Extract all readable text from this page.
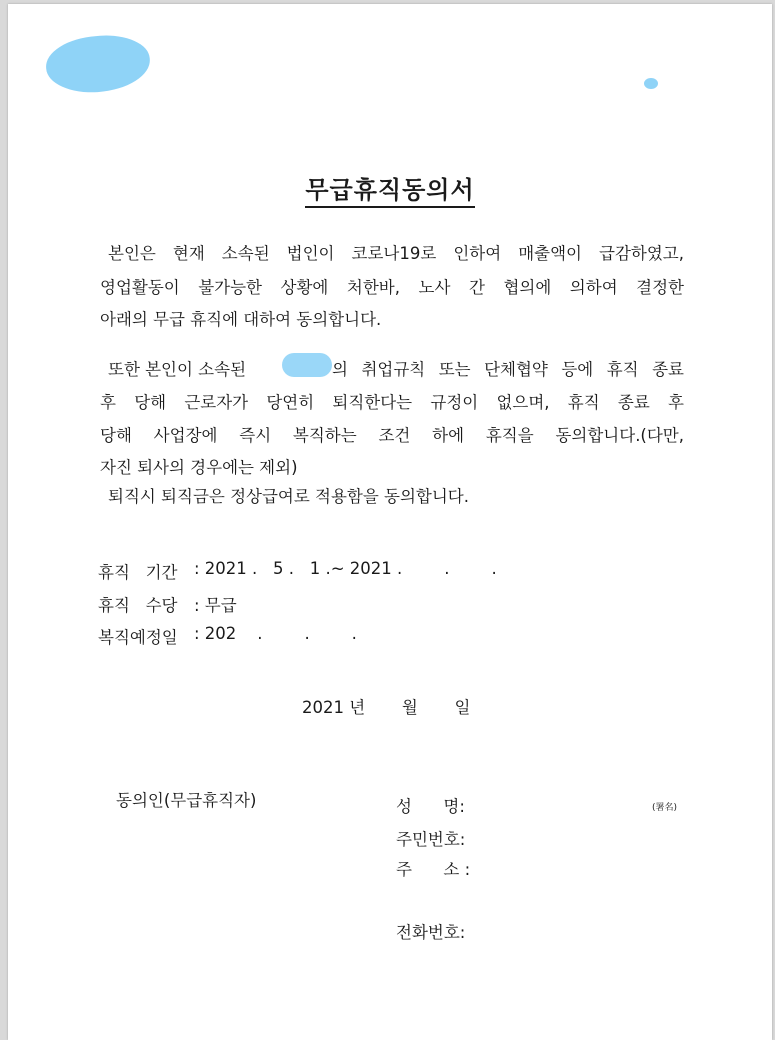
무급휴직동의서
본인은 현재 소속된 법인이 코로나19로 인하여 매출액이 급감하였고,
영업활동이 불가능한 상황에 처한바, 노사 간 협의에 의하여 결정한
아래의 무급 휴직에 대하여 동의합니다.
또한 본인이 소속된	의 취업규칙 또는 단체협약 등에 휴직 종료
후 당해 근로자가 당연히 퇴직한다는 규정이 없으며, 휴직 종료 후
당해 사업장에 즉시 복직하는 조건 하에 휴직을 동의합니다.(다만,
자진 퇴사의 경우에는 제외)
퇴직시 퇴직금은 정상급여로 적용함을 동의합니다.
휴직   기간 : 2021 .   5 .   1 .~ 2021 .        .        .
휴직   수당 : 무급
복직예정일 : 202    .        .        .
2021 년       월       일
동의인(무급휴직자)	성      명:	(署名)
주민번호:
주      소 :
전화번호:
